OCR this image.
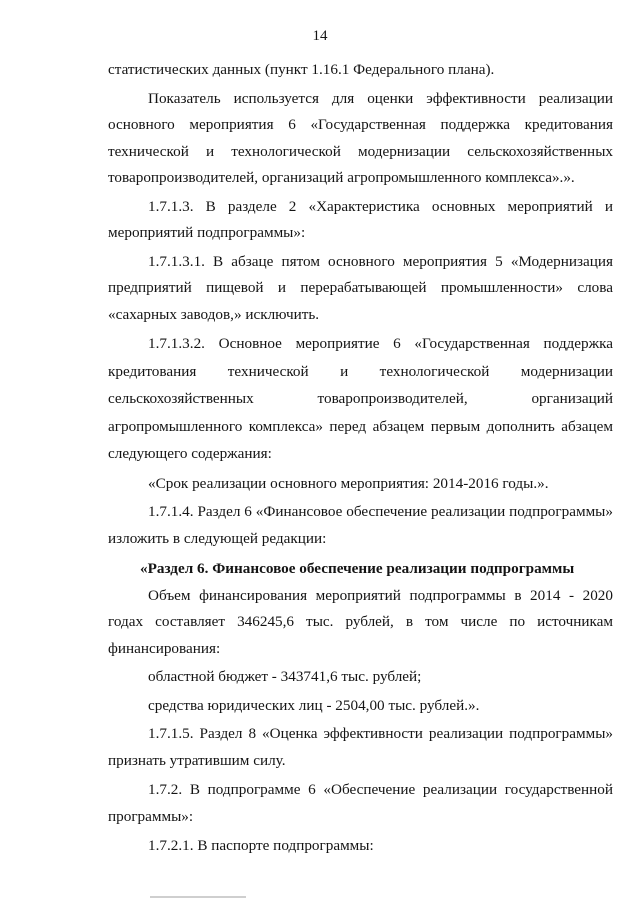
14

статистических данных (пункт 1.16.1 Федерального плана).

Показатель используется для оценки эффективности реализации основного мероприятия 6 «Государственная поддержка кредитования технической и технологической модернизации сельскохозяйственных товаропроизводителей, организаций агропромышленного комплекса».».

1.7.1.3. В разделе 2 «Характеристика основных мероприятий и мероприятий подпрограммы»:

1.7.1.3.1. В абзаце пятом основного мероприятия 5 «Модернизация предприятий пищевой и перерабатывающей промышленности» слова «сахарных заводов,» исключить.

1.7.1.3.2. Основное мероприятие 6 «Государственная поддержка кредитования технической и технологической модернизации сельскохозяйственных товаропроизводителей, организаций агропромышленного комплекса» перед абзацем первым дополнить абзацем следующего содержания:

«Срок реализации основного мероприятия: 2014-2016 годы.».

1.7.1.4. Раздел 6 «Финансовое обеспечение реализации подпрограммы» изложить в следующей редакции:

«Раздел 6. Финансовое обеспечение реализации подпрограммы

Объем финансирования мероприятий подпрограммы в 2014 - 2020 годах составляет 346245,6 тыс. рублей, в том числе по источникам финансирования:

областной бюджет - 343741,6 тыс. рублей;

средства юридических лиц - 2504,00 тыс. рублей.».

1.7.1.5. Раздел 8 «Оценка эффективности реализации подпрограммы» признать утратившим силу.

1.7.2. В подпрограмме 6 «Обеспечение реализации государственной программы»:

1.7.2.1. В паспорте подпрограммы:
